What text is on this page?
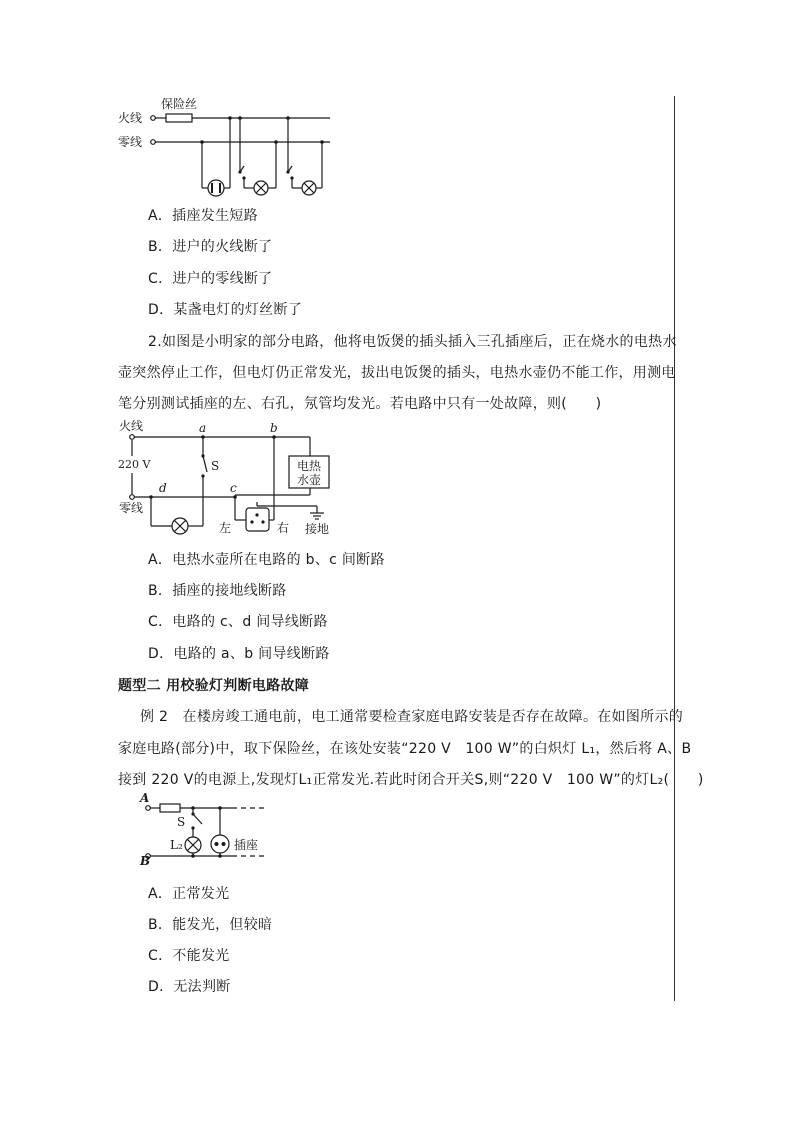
保险丝
火线
零线
A．插座发生短路
B．进户的火线断了
C．进户的零线断了
D．某盏电灯的灯丝断了
2.如图是小明家的部分电路，他将电饭煲的插头插入三孔插座后，正在烧水的电热水
壶突然停止工作，但电灯仍正常发光，拔出电饭煲的插头，电热水壶仍不能工作，用测电
笔分别测试插座的左、右孔，氖管均发光。若电路中只有一处故障，则(　　)
火线
220 V
零线
a	b
d	c
S	电热
水壶
左	右 接地
A．电热水壶所在电路的 b、c 间断路
B．插座的接地线断路
C．电路的 c、d 间导线断路
D．电路的 a、b 间导线断路
题型二 用校验灯判断电路故障
例 2　在楼房竣工通电前，电工通常要检查家庭电路安装是否存在故障。在如图所示的
家庭电路(部分)中，取下保险丝，在该处安装“220 V　100 W”的白炽灯 L₁，然后将 A、B
接到 220 V的电源上,发现灯L₁正常发光.若此时闭合开关S,则“220 V　100 W”的灯L₂(　　)
A
B
S
L₂	插座
A．正常发光
B．能发光，但较暗
C．不能发光
D．无法判断
